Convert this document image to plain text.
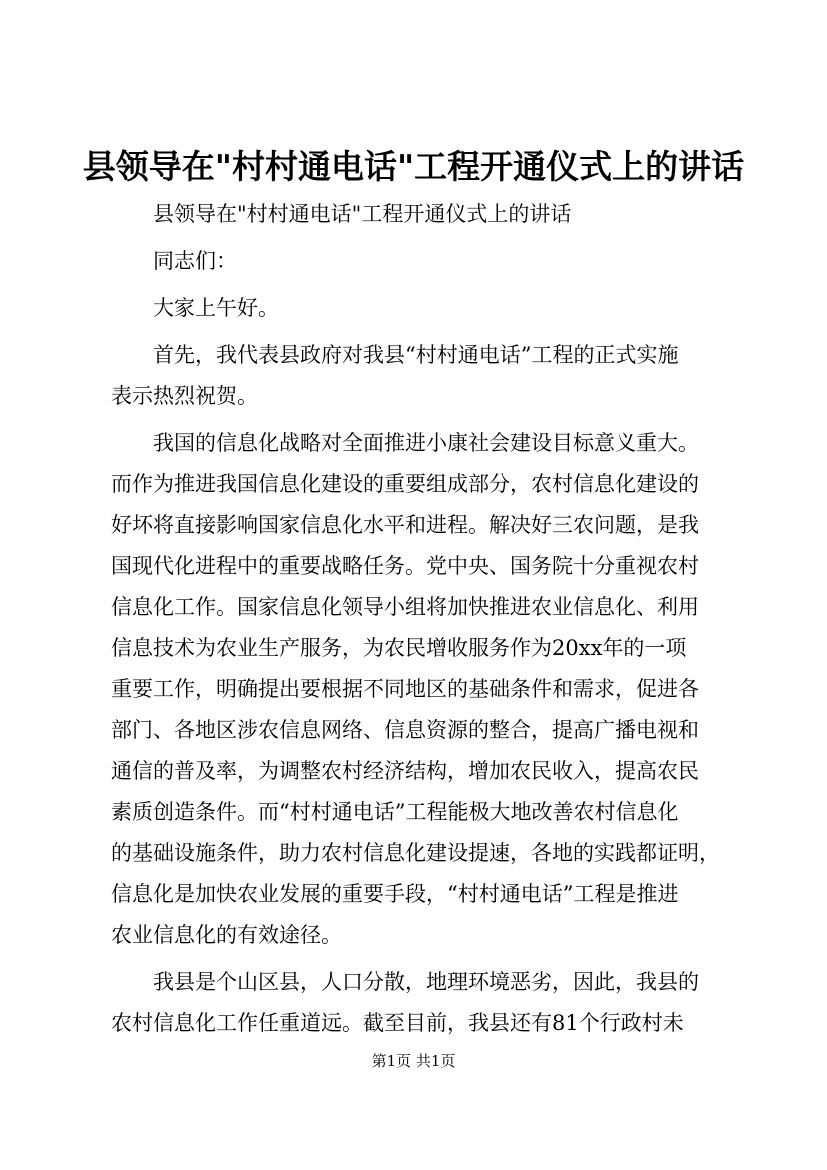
县领导在"村村通电话"工程开通仪式上的讲话

县领导在"村村通电话"工程开通仪式上的讲话

同志们：

大家上午好。

首先，我代表县政府对我县“村村通电话”工程的正式实施
表示热烈祝贺。

我国的信息化战略对全面推进小康社会建设目标意义重大。
而作为推进我国信息化建设的重要组成部分，农村信息化建设的
好坏将直接影响国家信息化水平和进程。解决好三农问题，是我
国现代化进程中的重要战略任务。党中央、国务院十分重视农村
信息化工作。国家信息化领导小组将加快推进农业信息化、利用
信息技术为农业生产服务，为农民增收服务作为20xx年的一项
重要工作，明确提出要根据不同地区的基础条件和需求，促进各
部门、各地区涉农信息网络、信息资源的整合，提高广播电视和
通信的普及率，为调整农村经济结构，增加农民收入，提高农民
素质创造条件。而“村村通电话”工程能极大地改善农村信息化
的基础设施条件，助力农村信息化建设提速，各地的实践都证明，
信息化是加快农业发展的重要手段，“村村通电话”工程是推进
农业信息化的有效途径。

我县是个山区县，人口分散，地理环境恶劣，因此，我县的
农村信息化工作任重道远。截至目前，我县还有81个行政村未

第1页 共1页
